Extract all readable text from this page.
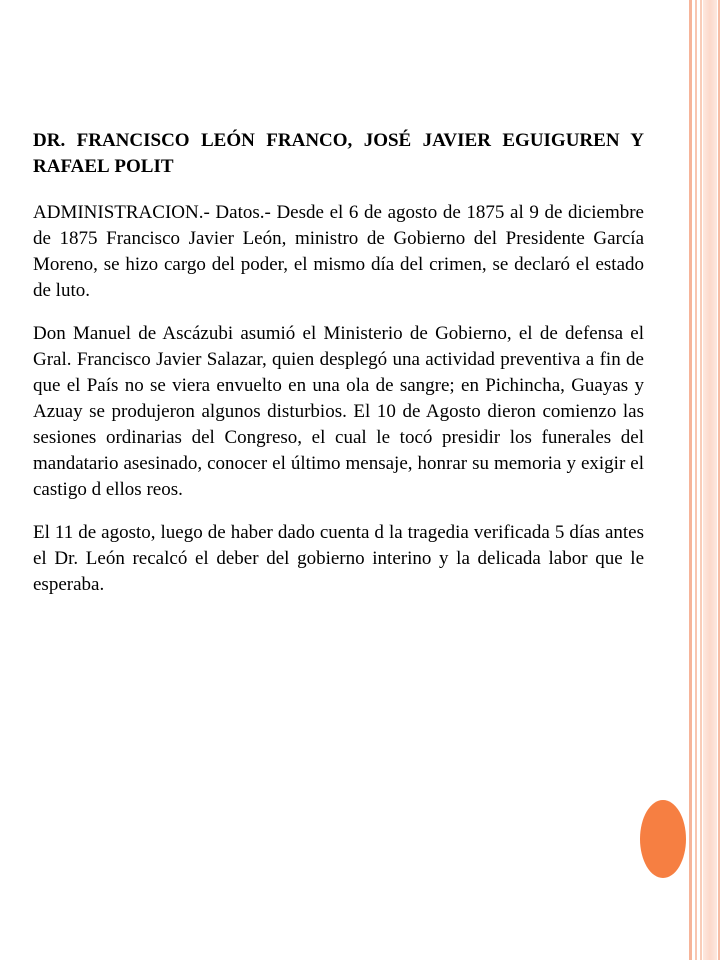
DR. FRANCISCO LEÓN FRANCO, JOSÉ JAVIER EGUIGUREN Y RAFAEL POLIT

ADMINISTRACION.- Datos.- Desde el 6 de agosto de 1875 al 9 de diciembre de 1875 Francisco Javier León, ministro de Gobierno del Presidente García Moreno, se hizo cargo del poder, el mismo día del crimen, se declaró el estado de luto.

Don Manuel de Ascázubi asumió el Ministerio de Gobierno, el de defensa el Gral. Francisco Javier Salazar, quien desplegó una actividad preventiva a fin de que el País no se viera envuelto en una ola de sangre; en Pichincha, Guayas y Azuay se produjeron algunos disturbios. El 10 de Agosto dieron comienzo las sesiones ordinarias del Congreso, el cual le tocó presidir los funerales del mandatario asesinado, conocer el último mensaje, honrar su memoria y exigir el castigo d ellos reos.

El 11 de agosto, luego de haber dado cuenta d la tragedia verificada 5 días antes el Dr. León recalcó el deber del gobierno interino y la delicada labor que le esperaba.
